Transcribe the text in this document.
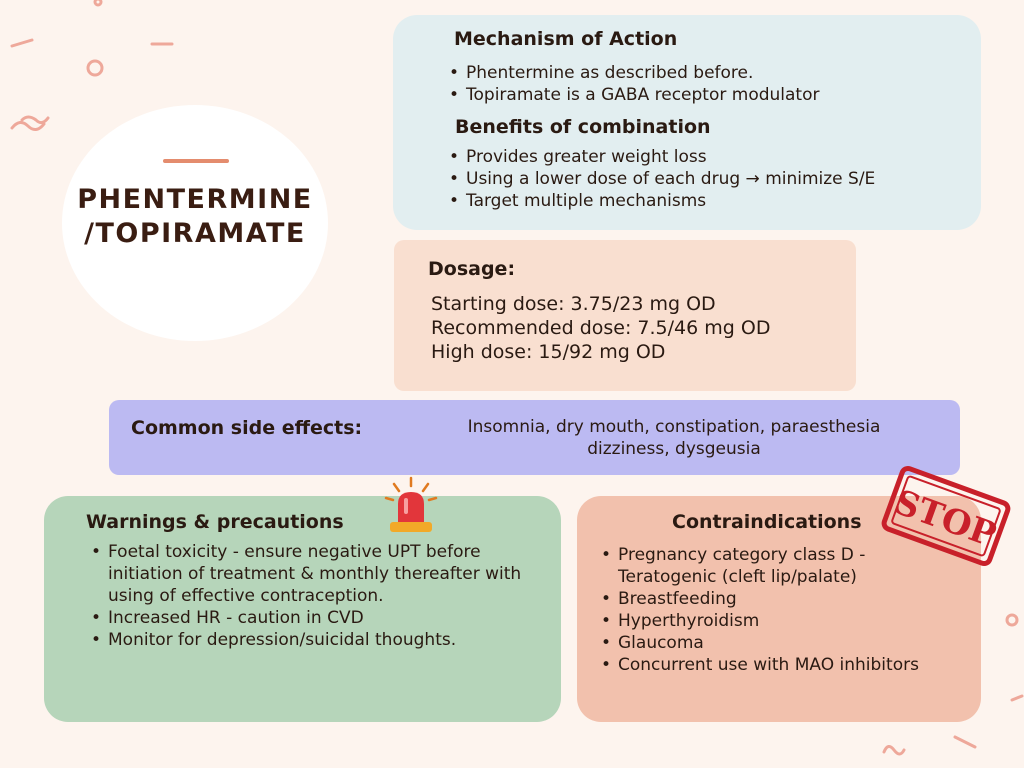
PHENTERMINE
/TOPIRAMATE
Mechanism of Action
• Phentermine as described before.
• Topiramate is a GABA receptor modulator
Benefits of combination
• Provides greater weight loss
• Using a lower dose of each drug → minimize S/E
• Target multiple mechanisms
Dosage:
Starting dose: 3.75/23 mg OD
Recommended dose: 7.5/46 mg OD
High dose: 15/92 mg OD
Common side effects:	Insomnia, dry mouth, constipation, paraesthesia
dizziness, dysgeusia
Warnings & precautions
• Foetal toxicity - ensure negative UPT before initiation of treatment & monthly thereafter with using of effective contraception.
• Increased HR - caution in CVD
• Monitor for depression/suicidal thoughts.
Contraindications
• Pregnancy category class D - Teratogenic (cleft lip/palate)
• Breastfeeding
• Hyperthyroidism
• Glaucoma
• Concurrent use with MAO inhibitors
STOP
